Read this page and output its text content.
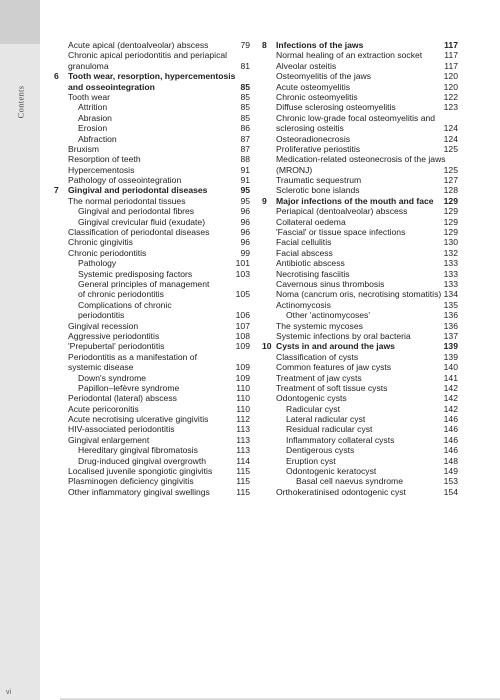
Contents
Acute apical (dentoalveolar) abscess	79
Chronic apical periodontitis and periapical
granuloma	81
6 Tooth wear, resorption, hypercementosis
and osseointegration	85
Tooth wear	85
Attrition	85
Abrasion	85
Erosion	86
Abfraction	87
Bruxism	87
Resorption of teeth	88
Hypercementosis	91
Pathology of osseointegration	91
7 Gingival and periodontal diseases	95
The normal periodontal tissues	95
Gingival and periodontal fibres	96
Gingival crevicular fluid (exudate)	96
Classification of periodontal diseases	96
Chronic gingivitis	96
Chronic periodontitis	99
Pathology	101
Systemic predisposing factors	103
General principles of management
of chronic periodontitis	105
Complications of chronic
periodontitis	106
Gingival recession	107
Aggressive periodontitis	108
'Prepubertal' periodontitis	109
Periodontitis as a manifestation of
systemic disease	109
Down's syndrome	109
Papillon–lefèvre syndrome	110
Periodontal (lateral) abscess	110
Acute pericoronitis	110
Acute necrotising ulcerative gingivitis	112
HIV-associated periodontitis	113
Gingival enlargement	113
Hereditary gingival fibromatosis	113
Drug-induced gingival overgrowth	114
Localised juvenile spongiotic gingivitis	115
Plasminogen deficiency gingivitis	115
Other inflammatory gingival swellings	115
8 Infections of the jaws	117
Normal healing of an extraction socket	117
Alveolar osteitis	117
Osteomyelitis of the jaws	120
Acute osteomyelitis	120
Chronic osteomyelitis	122
Diffuse sclerosing osteomyelitis	123
Chronic low-grade focal osteomyelitis and
sclerosing osteitis	124
Osteoradionecrosis	124
Proliferative periostitis	125
Medication-related osteonecrosis of the jaws
(MRONJ)	125
Traumatic sequestrum	127
Sclerotic bone islands	128
9 Major infections of the mouth and face 129
Periapical (dentoalveolar) abscess	129
Collateral oedema	129
'Fascial' or tissue space infections	129
Facial cellulitis	130
Facial abscess	132
Antibiotic abscess	133
Necrotising fasciitis	133
Cavernous sinus thrombosis	133
Noma (cancrum oris, necrotising stomatitis) 134
Actinomycosis	135
Other 'actinomycoses'	136
The systemic mycoses	136
Systemic infections by oral bacteria	137
10 Cysts in and around the jaws	139
Classification of cysts	139
Common features of jaw cysts	140
Treatment of jaw cysts	141
Treatment of soft tissue cysts	142
Odontogenic cysts	142
Radicular cyst	142
Lateral radicular cyst	146
Residual radicular cyst	146
Inflammatory collateral cysts	146
Dentigerous cysts	146
Eruption cyst	148
Odontogenic keratocyst	149
Basal cell naevus syndrome	153
Orthokeratinised odontogenic cyst	154
vi
